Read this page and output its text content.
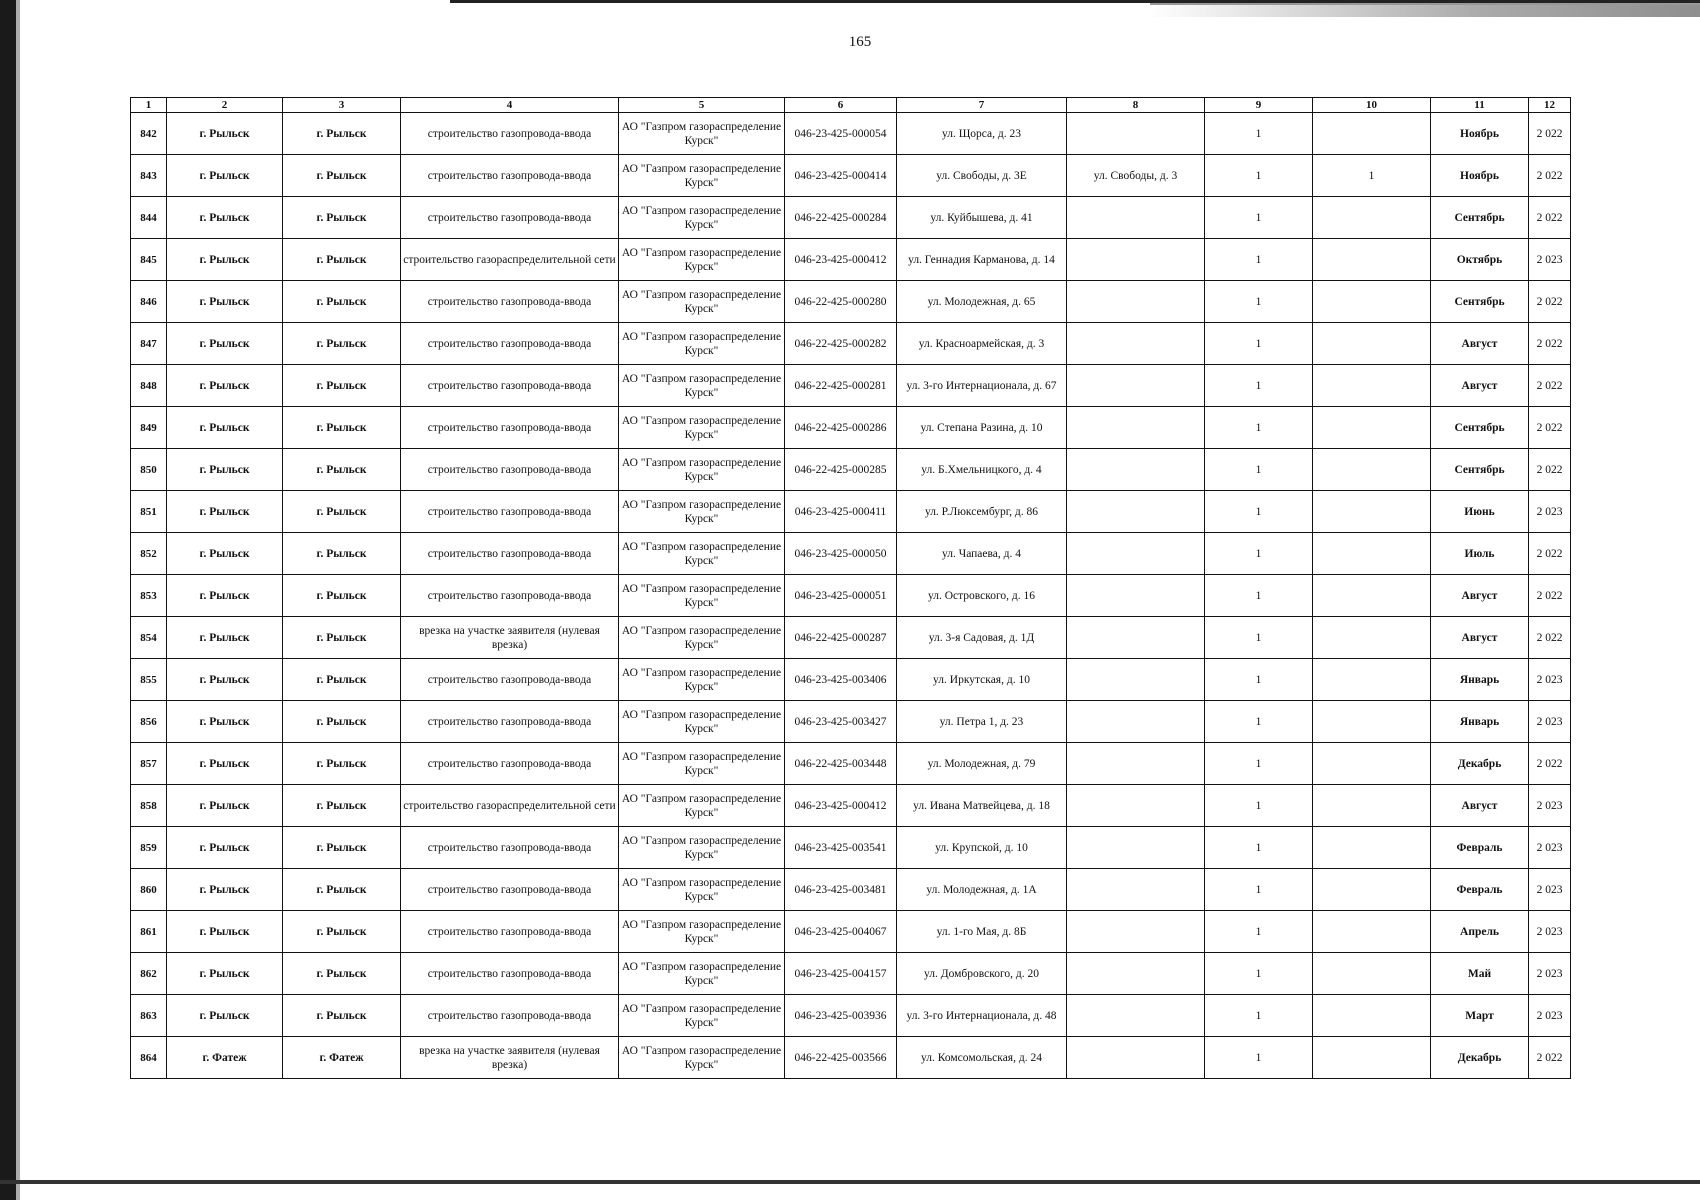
165
1	2	3	4	5	6	7	8	9	10	11	12
842	г. Рыльск	г. Рыльск	строительство газопровода-ввода	АО "Газпром газораспределение Курск"	046-23-425-000054	ул. Щорса, д. 23		1		Ноябрь	2 022
843	г. Рыльск	г. Рыльск	строительство газопровода-ввода	АО "Газпром газораспределение Курск"	046-23-425-000414	ул. Свободы, д. 3Е	ул. Свободы, д. 3	1	1	Ноябрь	2 022
844	г. Рыльск	г. Рыльск	строительство газопровода-ввода	АО "Газпром газораспределение Курск"	046-22-425-000284	ул. Куйбышева, д. 41		1		Сентябрь	2 022
845	г. Рыльск	г. Рыльск	строительство газораспределительной сети	АО "Газпром газораспределение Курск"	046-23-425-000412	ул. Геннадия Карманова, д. 14		1		Октябрь	2 023
846	г. Рыльск	г. Рыльск	строительство газопровода-ввода	АО "Газпром газораспределение Курск"	046-22-425-000280	ул. Молодежная, д. 65		1		Сентябрь	2 022
847	г. Рыльск	г. Рыльск	строительство газопровода-ввода	АО "Газпром газораспределение Курск"	046-22-425-000282	ул. Красноармейская, д. 3		1		Август	2 022
848	г. Рыльск	г. Рыльск	строительство газопровода-ввода	АО "Газпром газораспределение Курск"	046-22-425-000281	ул. 3-го Интернационала, д. 67		1		Август	2 022
849	г. Рыльск	г. Рыльск	строительство газопровода-ввода	АО "Газпром газораспределение Курск"	046-22-425-000286	ул. Степана Разина, д. 10		1		Сентябрь	2 022
850	г. Рыльск	г. Рыльск	строительство газопровода-ввода	АО "Газпром газораспределение Курск"	046-22-425-000285	ул. Б.Хмельницкого, д. 4		1		Сентябрь	2 022
851	г. Рыльск	г. Рыльск	строительство газопровода-ввода	АО "Газпром газораспределение Курск"	046-23-425-000411	ул. Р.Люксембург, д. 86		1		Июнь	2 023
852	г. Рыльск	г. Рыльск	строительство газопровода-ввода	АО "Газпром газораспределение Курск"	046-23-425-000050	ул. Чапаева, д. 4		1		Июль	2 022
853	г. Рыльск	г. Рыльск	строительство газопровода-ввода	АО "Газпром газораспределение Курск"	046-23-425-000051	ул. Островского, д. 16		1		Август	2 022
854	г. Рыльск	г. Рыльск	врезка на участке заявителя (нулевая врезка)	АО "Газпром газораспределение Курск"	046-22-425-000287	ул. 3-я Садовая, д. 1Д		1		Август	2 022
855	г. Рыльск	г. Рыльск	строительство газопровода-ввода	АО "Газпром газораспределение Курск"	046-23-425-003406	ул. Иркутская, д. 10		1		Январь	2 023
856	г. Рыльск	г. Рыльск	строительство газопровода-ввода	АО "Газпром газораспределение Курск"	046-23-425-003427	ул. Петра 1, д. 23		1		Январь	2 023
857	г. Рыльск	г. Рыльск	строительство газопровода-ввода	АО "Газпром газораспределение Курск"	046-22-425-003448	ул. Молодежная, д. 79		1		Декабрь	2 022
858	г. Рыльск	г. Рыльск	строительство газораспределительной сети	АО "Газпром газораспределение Курск"	046-23-425-000412	ул. Ивана Матвейцева, д. 18		1		Август	2 023
859	г. Рыльск	г. Рыльск	строительство газопровода-ввода	АО "Газпром газораспределение Курск"	046-23-425-003541	ул. Крупской, д. 10		1		Февраль	2 023
860	г. Рыльск	г. Рыльск	строительство газопровода-ввода	АО "Газпром газораспределение Курск"	046-23-425-003481	ул. Молодежная, д. 1А		1		Февраль	2 023
861	г. Рыльск	г. Рыльск	строительство газопровода-ввода	АО "Газпром газораспределение Курск"	046-23-425-004067	ул. 1-го Мая, д. 8Б		1		Апрель	2 023
862	г. Рыльск	г. Рыльск	строительство газопровода-ввода	АО "Газпром газораспределение Курск"	046-23-425-004157	ул. Домбровского, д. 20		1		Май	2 023
863	г. Рыльск	г. Рыльск	строительство газопровода-ввода	АО "Газпром газораспределение Курск"	046-23-425-003936	ул. 3-го Интернационала, д. 48		1		Март	2 023
864	г. Фатеж	г. Фатеж	врезка на участке заявителя (нулевая врезка)	АО "Газпром газораспределение Курск"	046-22-425-003566	ул. Комсомольская, д. 24		1		Декабрь	2 022
